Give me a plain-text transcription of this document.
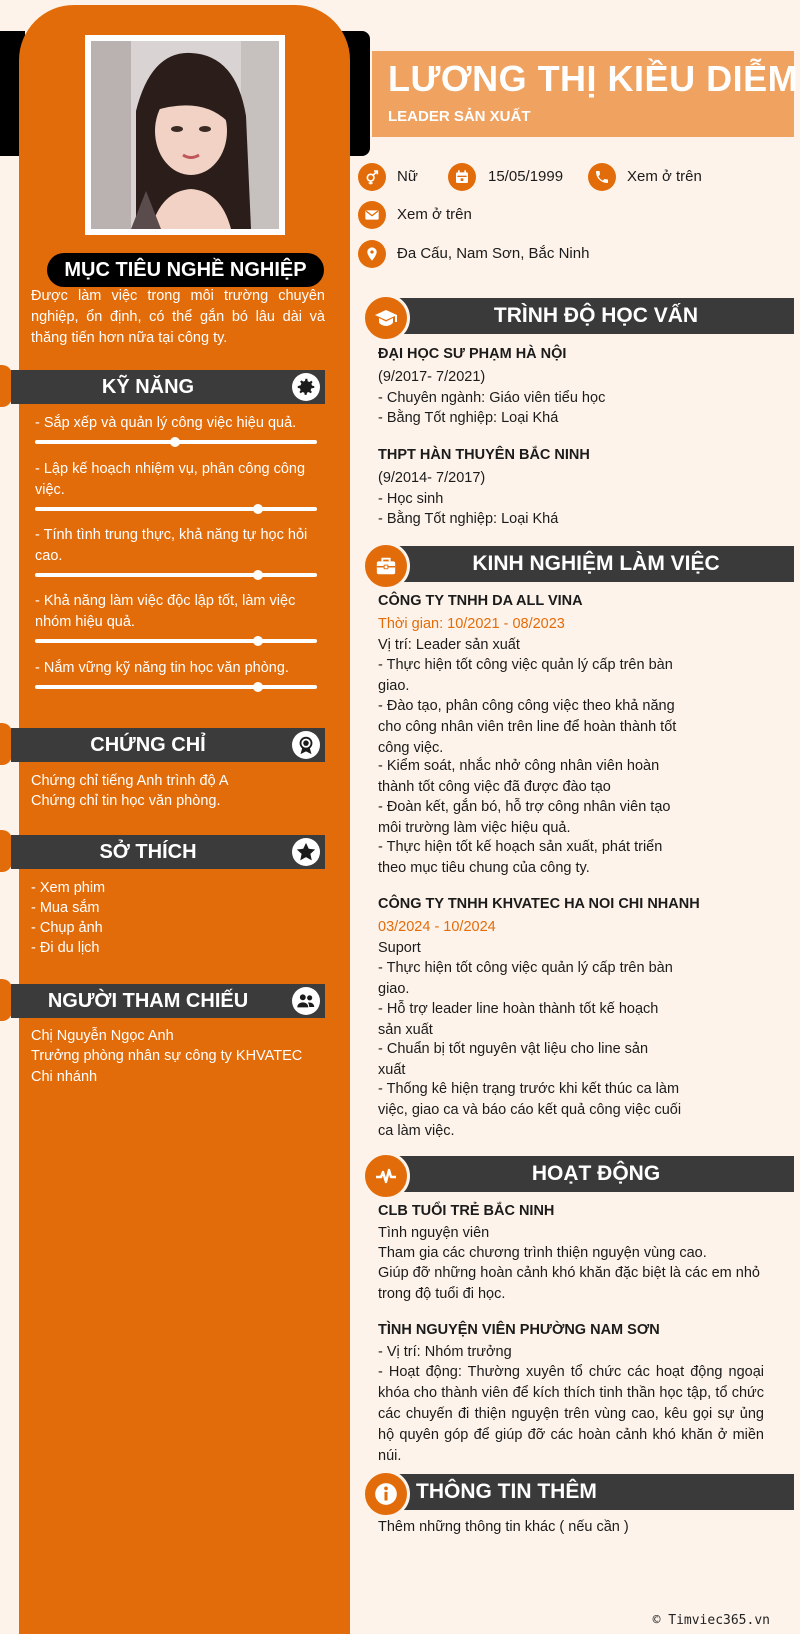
MỤC TIÊU NGHỀ NGHIỆP
Được làm việc trong môi trường chuyên nghiệp, ổn định, có thể gắn bó lâu dài và thăng tiến hơn nữa tại công ty.
KỸ NĂNG
- Sắp xếp và quản lý công việc hiệu quả.
- Lập kế hoạch nhiệm vụ, phân công công việc.
- Tính tình trung thực, khả năng tự học hỏi cao.
- Khả năng làm việc độc lập tốt, làm việc nhóm hiệu quả.
- Nắm vững kỹ năng tin học văn phòng.
CHỨNG CHỈ
Chứng chỉ tiếng Anh trình độ A
Chứng chỉ tin học văn phòng.
SỞ THÍCH
- Xem phim
- Mua sắm
- Chụp ảnh
- Đi du lịch
NGƯỜI THAM CHIẾU
Chị Nguyễn Ngọc Anh
Trưởng phòng nhân sự công ty KHVATEC Chi nhánh
LƯƠNG THỊ KIỀU DIỄM
LEADER SẢN XUẤT
Nữ	15/05/1999	Xem ở trên
Xem ở trên
Đa Cấu, Nam Sơn, Bắc Ninh
TRÌNH ĐỘ HỌC VẤN
ĐẠI HỌC SƯ PHẠM HÀ NỘI
(9/2017- 7/2021)
- Chuyên ngành: Giáo viên tiểu học
- Bằng Tốt nghiệp: Loại Khá
THPT HÀN THUYÊN BẮC NINH
(9/2014- 7/2017)
- Học sinh
- Bằng Tốt nghiệp: Loại Khá
KINH NGHIỆM LÀM VIỆC
CÔNG TY TNHH DA ALL VINA
Thời gian: 10/2021 - 08/2023
Vị trí: Leader sản xuất
- Thực hiện tốt công việc quản lý cấp trên bàn giao.
- Đào tạo, phân công công việc theo khả năng cho công nhân viên trên line để hoàn thành tốt công việc.
- Kiểm soát, nhắc nhở công nhân viên hoàn thành tốt công việc đã được đào tạo
- Đoàn kết, gắn bó, hỗ trợ công nhân viên tạo môi trường làm việc hiệu quả.
- Thực hiện tốt kế hoạch sản xuất, phát triển theo mục tiêu chung của công ty.
CÔNG TY TNHH KHVATEC HA NOI CHI NHANH
03/2024 - 10/2024
Suport
- Thực hiện tốt công việc quản lý cấp trên bàn giao.
- Hỗ trợ leader line hoàn thành tốt kế hoạch sản xuất
- Chuẩn bị tốt nguyên vật liệu cho line sản xuất
- Thống kê hiện trạng trước khi kết thúc ca làm việc, giao ca và báo cáo kết quả công việc cuối ca làm việc.
HOẠT ĐỘNG
CLB TUỔI TRẺ BẮC NINH
Tình nguyện viên
Tham gia các chương trình thiện nguyện vùng cao.
Giúp đỡ những hoàn cảnh khó khăn đặc biệt là các em nhỏ trong độ tuổi đi học.
TÌNH NGUYỆN VIÊN PHƯỜNG NAM SƠN
- Vị trí: Nhóm trưởng
- Hoạt động: Thường xuyên tổ chức các hoạt động ngoại khóa cho thành viên để kích thích tinh thần học tập, tổ chức các chuyến đi thiện nguyện trên vùng cao, kêu gọi sự ủng hộ quyên góp để giúp đỡ các hoàn cảnh khó khăn ở miền núi.
THÔNG TIN THÊM
Thêm những thông tin khác ( nếu cần )
© Timviec365.vn
